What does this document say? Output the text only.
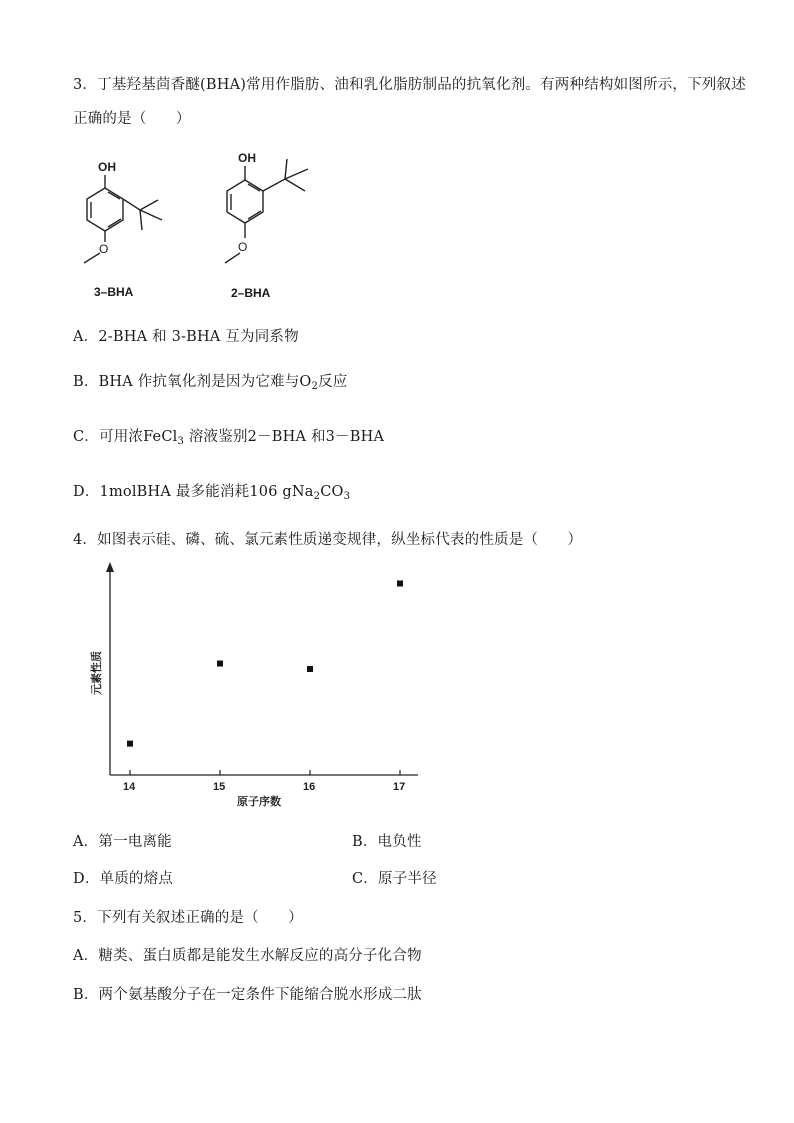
3．丁基羟基茴香醚(BHA)常用作脂肪、油和乳化脂肪制品的抗氧化剂。有两种结构如图所示，下列叙述
正确的是（　　）
OH
O
3–BHA
OH
O
2–BHA
A．2-BHA 和 3-BHA 互为同系物
B．BHA 作抗氧化剂是因为它难与$O_2$反应
C．可用浓FeCl$_3$ 溶液鉴别2－BHA 和3－BHA
D．1molBHA 最多能消耗106 $gNa_2CO_3$
4．如图表示硅、磷、硫、氯元素性质递变规律，纵坐标代表的性质是（　　）
14	15	16	17
元素性质
原子序数
A．第一电离能	B．电负性
D．单质的熔点	C．原子半径
5．下列有关叙述正确的是（　　）
A．糖类、蛋白质都是能发生水解反应的高分子化合物
B．两个氨基酸分子在一定条件下能缩合脱水形成二肽
